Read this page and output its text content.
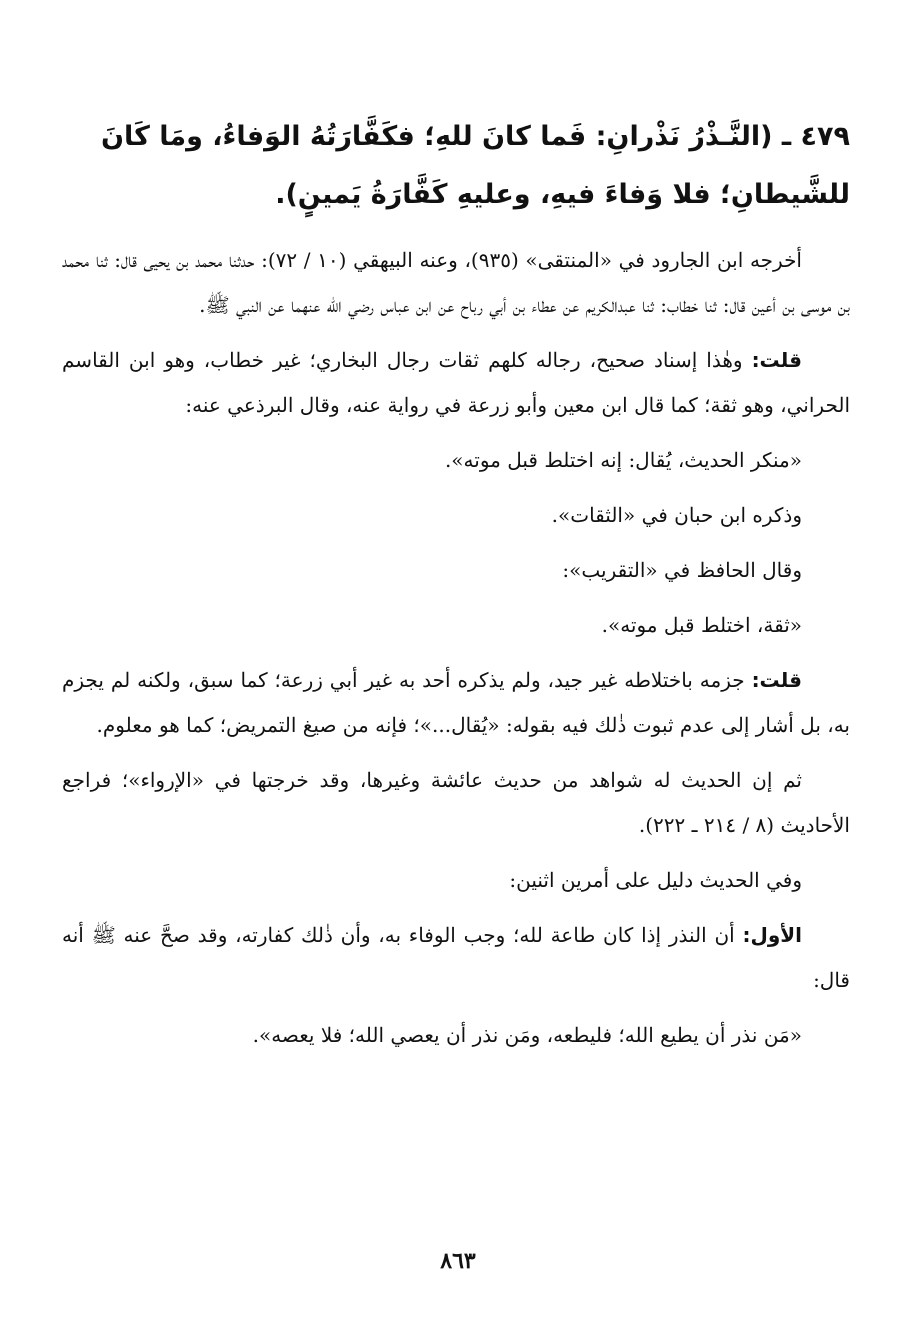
٤٧٩ ـ (النَّـذْرُ نَذْرانِ: فَما كانَ للهِ؛ فكَفَّارَتُهُ الوَفاءُ، ومَا كَانَ للشَّيطانِ؛ فلا وَفاءَ فيهِ، وعليهِ كَفَّارَةُ يَمينٍ).

أخرجه ابن الجارود في «المنتقى» (٩٣٥)، وعنه البيهقي (١٠ / ٧٢): حدثنا محمد بن يحيى قال: ثنا محمد بن موسى بن أعين قال: ثنا خطاب: ثنا عبدالكريم عن عطاء بن أبي رباح عن ابن عباس رضي الله عنهما عن النبي ﷺ.

قلت: وهٰذا إسناد صحيح، رجاله كلهم ثقات رجال البخاري؛ غير خطاب، وهو ابن القاسم الحراني، وهو ثقة؛ كما قال ابن معين وأبو زرعة في رواية عنه، وقال البرذعي عنه:

«منكر الحديث، يُقال: إنه اختلط قبل موته».

وذكره ابن حبان في «الثقات».

وقال الحافظ في «التقريب»:

«ثقة، اختلط قبل موته».

قلت: جزمه باختلاطه غير جيد، ولم يذكره أحد به غير أبي زرعة؛ كما سبق، ولكنه لم يجزم به، بل أشار إلى عدم ثبوت ذٰلك فيه بقوله: «يُقال...»؛ فإنه من صيغ التمريض؛ كما هو معلوم.

ثم إن الحديث له شواهد من حديث عائشة وغيرها، وقد خرجتها في «الإرواء»؛ فراجع الأحاديث (٨ / ٢١٤ ـ ٢٢٢).

وفي الحديث دليل على أمرين اثنين:

الأول: أن النذر إذا كان طاعة لله؛ وجب الوفاء به، وأن ذٰلك كفارته، وقد صحَّ عنه ﷺ أنه قال:

«مَن نذر أن يطيع الله؛ فليطعه، ومَن نذر أن يعصي الله؛ فلا يعصه».

٨٦٣
